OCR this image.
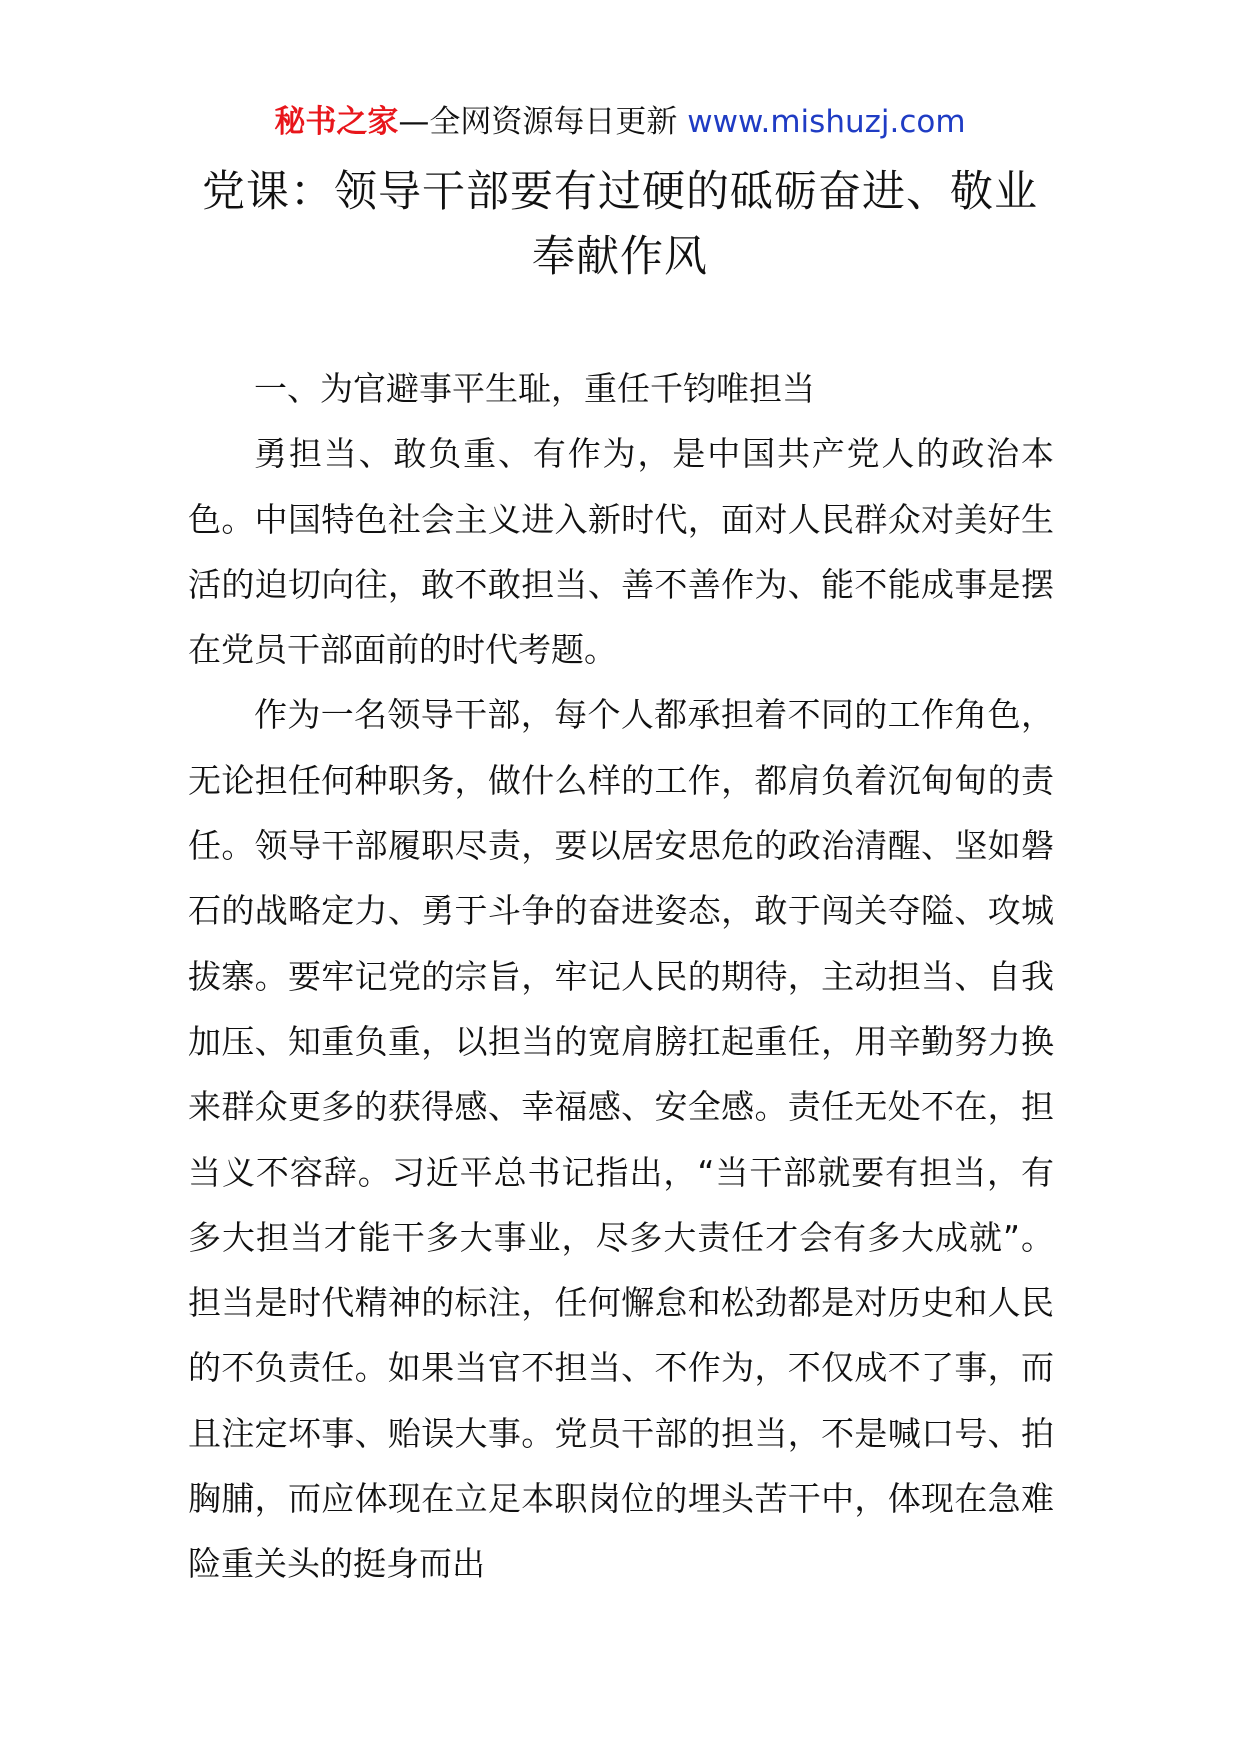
秘书之家—全网资源每日更新 www.mishuzj.com
党课：领导干部要有过硬的砥砺奋进、敬业奉献作风

一、为官避事平生耻，重任千钧唯担当

勇担当、敢负重、有作为，是中国共产党人的政治本色。中国特色社会主义进入新时代，面对人民群众对美好生活的迫切向往，敢不敢担当、善不善作为、能不能成事是摆在党员干部面前的时代考题。

作为一名领导干部，每个人都承担着不同的工作角色，无论担任何种职务，做什么样的工作，都肩负着沉甸甸的责任。领导干部履职尽责，要以居安思危的政治清醒、坚如磐石的战略定力、勇于斗争的奋进姿态，敢于闯关夺隘、攻城拔寨。要牢记党的宗旨，牢记人民的期待，主动担当、自我加压、知重负重，以担当的宽肩膀扛起重任，用辛勤努力换来群众更多的获得感、幸福感、安全感。责任无处不在，担当义不容辞。习近平总书记指出，“当干部就要有担当，有多大担当才能干多大事业，尽多大责任才会有多大成就”。担当是时代精神的标注，任何懈怠和松劲都是对历史和人民的不负责任。如果当官不担当、不作为，不仅成不了事，而且注定坏事、贻误大事。党员干部的担当，不是喊口号、拍胸脯，而应体现在立足本职岗位的埋头苦干中，体现在急难险重关头的挺身而出
